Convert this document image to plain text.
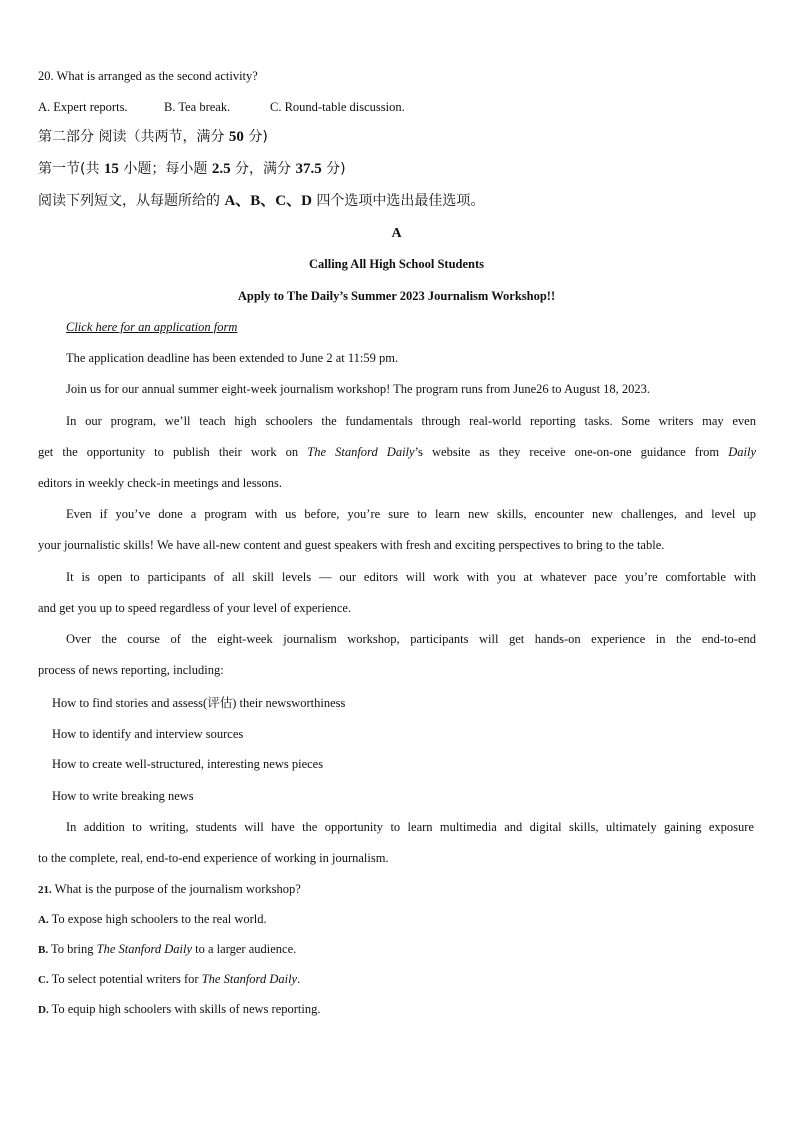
20. What is arranged as the second activity?
A. Expert reports.	B. Tea break.	C. Round-table discussion.
第二部分 阅读（共两节，满分 50 分)
第一节(共 15 小题；每小题 2.5 分，满分 37.5 分)
阅读下列短文，从每题所给的 A、B、C、D 四个选项中选出最佳选项。
A
Calling All High School Students
Apply to The Daily’s Summer 2023 Journalism Workshop!!
Click here for an application form
The application deadline has been extended to June 2 at 11:59 pm.
Join us for our annual summer eight-week journalism workshop! The program runs from June26 to August 18, 2023.
In our program, we’ll teach high schoolers the fundamentals through real-world reporting tasks. Some writers may even
get the opportunity to publish their work on The Stanford Daily’s website as they receive one-on-one guidance from Daily
editors in weekly check-in meetings and lessons.
Even if you’ve done a program with us before, you’re sure to learn new skills, encounter new challenges, and level up
your journalistic skills! We have all-new content and guest speakers with fresh and exciting perspectives to bring to the table.
It is open to participants of all skill levels — our editors will work with you at whatever pace you’re comfortable with
and get you up to speed regardless of your level of experience.
Over the course of the eight-week journalism workshop, participants will get hands-on experience in the end-to-end
process of news reporting, including:
How to find stories and assess(评估) their newsworthiness
How to identify and interview sources
How to create well-structured, interesting news pieces
How to write breaking news
In addition to writing, students will have the opportunity to learn multimedia and digital skills, ultimately gaining exposure
to the complete, real, end-to-end experience of working in journalism.
21. What is the purpose of the journalism workshop?
A. To expose high schoolers to the real world.
B. To bring The Stanford Daily to a larger audience.
C. To select potential writers for The Stanford Daily.
D. To equip high schoolers with skills of news reporting.
